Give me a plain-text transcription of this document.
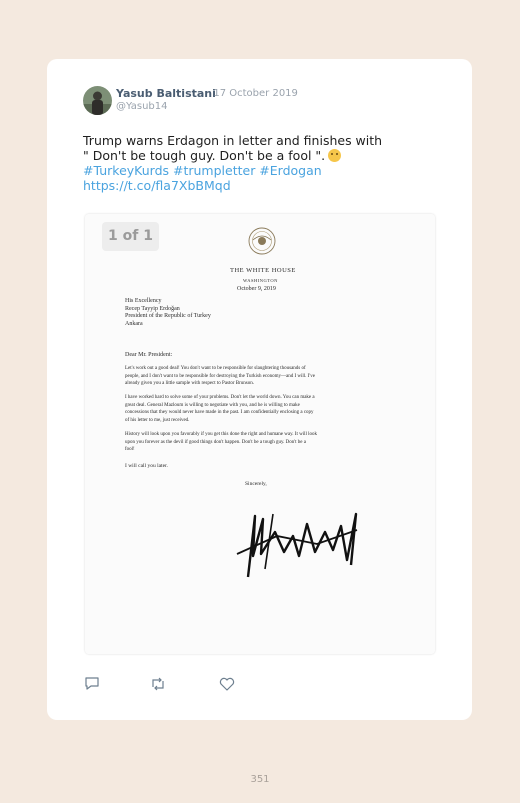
Yasub Baltistani
· 17 October 2019
@Yasub14
Trump warns Erdagon in letter and finishes with
" Don't be tough guy. Don't be a fool ".
#TurkeyKurds #trumpletter #Erdogan
https://t.co/fla7XbBMqd
THE WHITE HOUSE
WASHINGTON
October 9, 2019
His Excellency
Recep Tayyip Erdoğan
President of the Republic of Turkey
Ankara
Dear Mr. President:
Let's work out a good deal! You don't want to be responsible for slaughtering thousands of
people, and I don't want to be responsible for destroying the Turkish economy—and I will. I've
already given you a little sample with respect to Pastor Brunson.
I have worked hard to solve some of your problems. Don't let the world down. You can make a
great deal. General Mazloum is willing to negotiate with you, and he is willing to make
concessions that they would never have made in the past. I am confidentially enclosing a copy
of his letter to me, just received.
History will look upon you favorably if you get this done the right and humane way. It will look
upon you forever as the devil if good things don't happen. Don't be a tough guy. Don't be a
fool!
I will call you later.
Sincerely,
1 of 1
351
